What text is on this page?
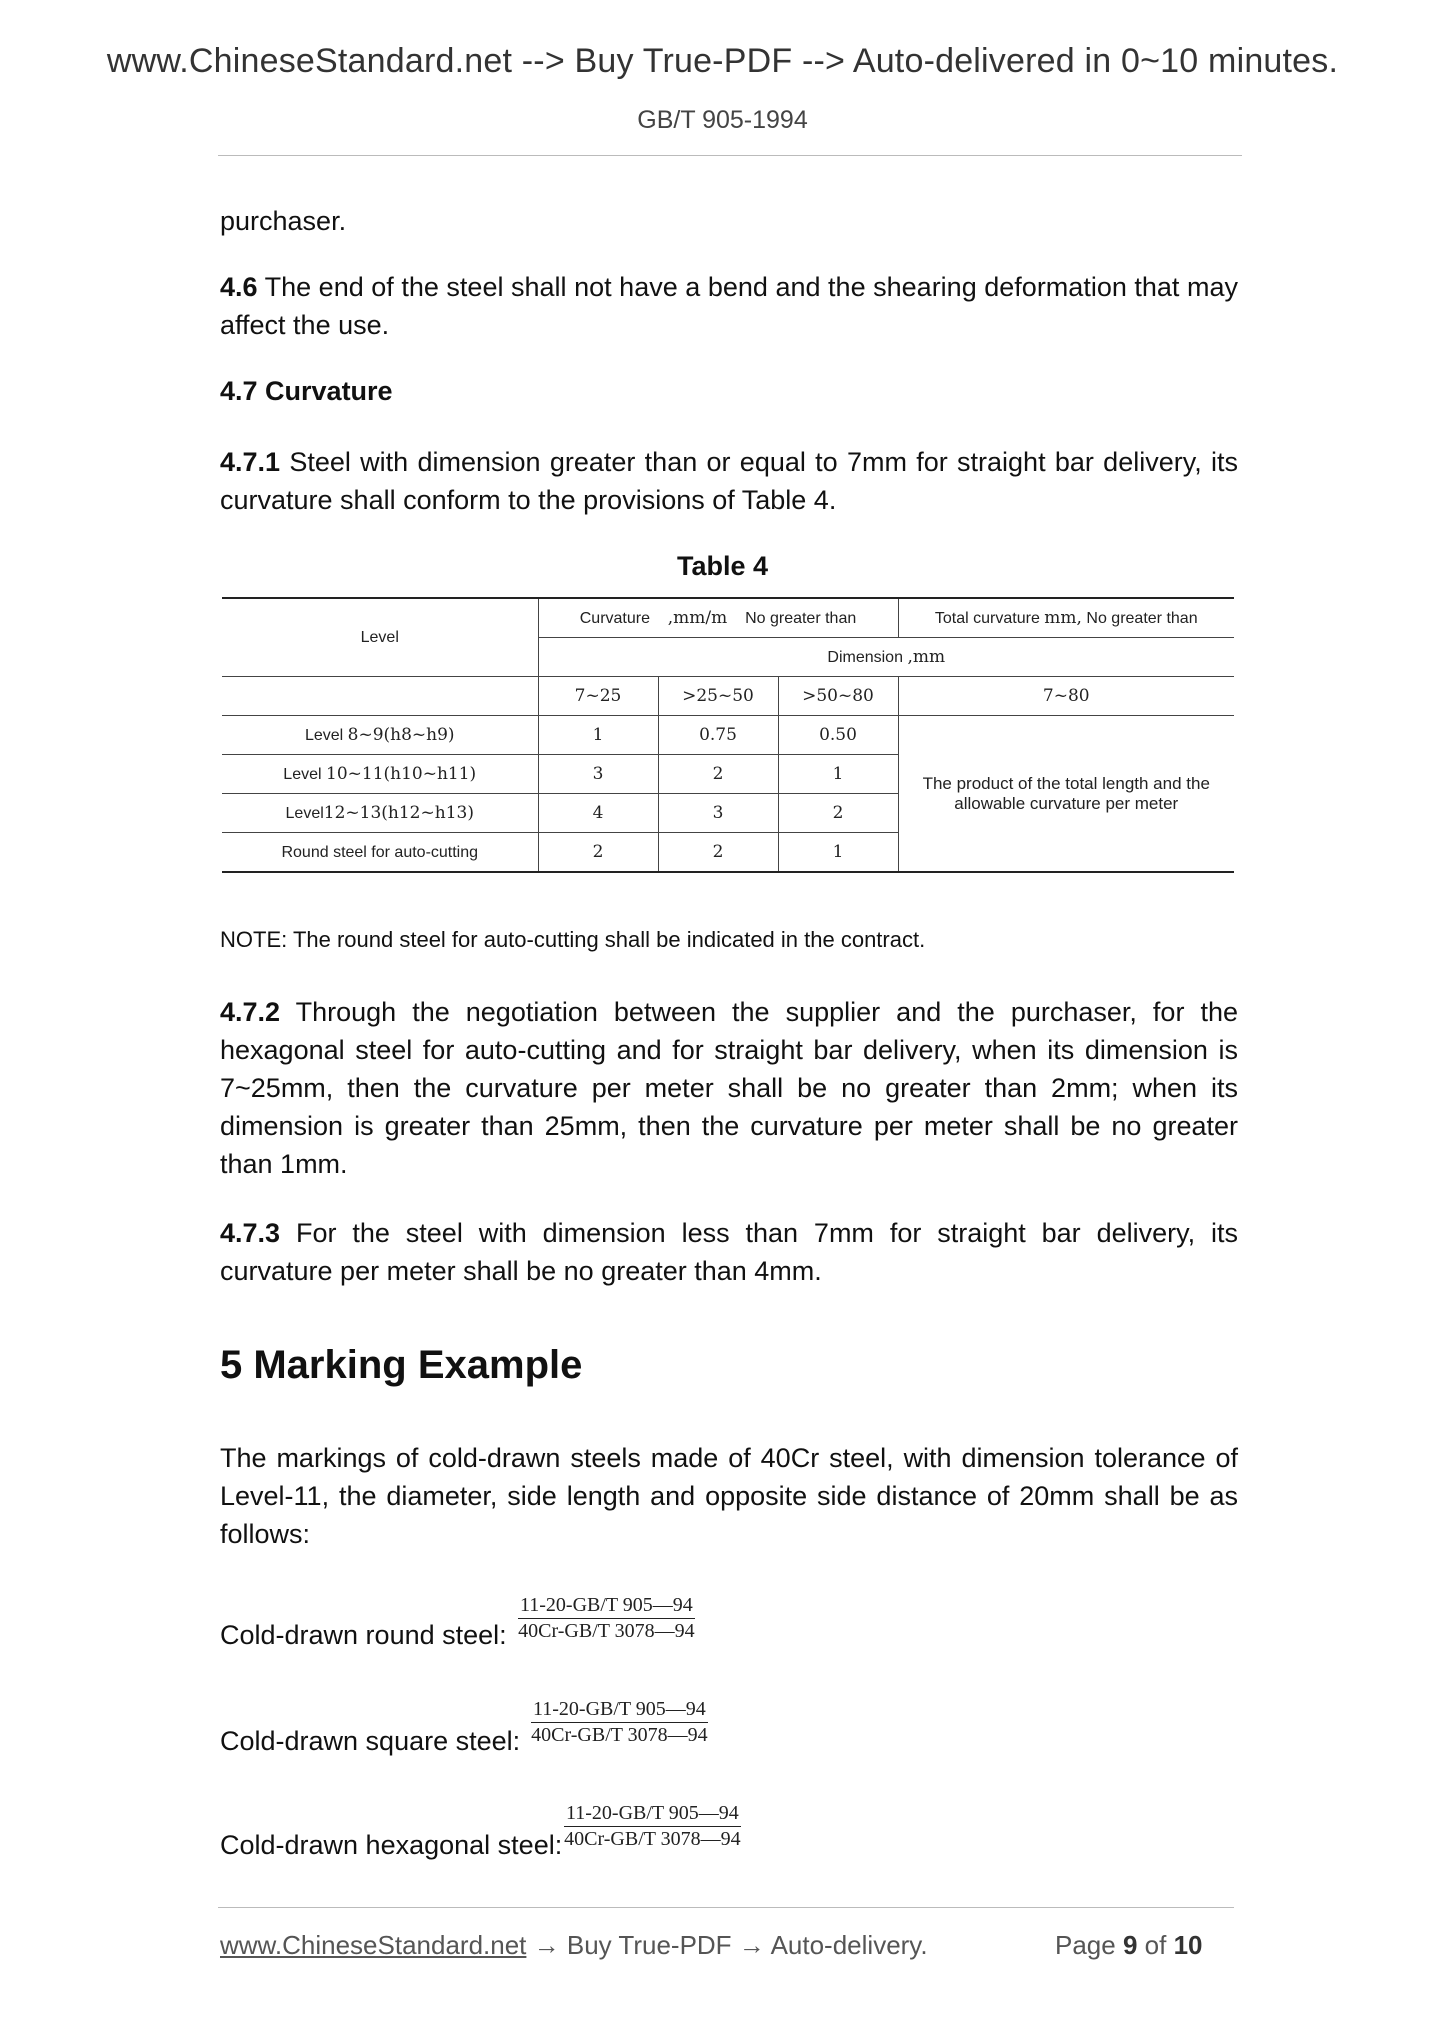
www.ChineseStandard.net --> Buy True-PDF --> Auto-delivered in 0~10 minutes.
GB/T 905-1994
purchaser.
4.6 The end of the steel shall not have a bend and the shearing deformation that may affect the use.
4.7 Curvature
4.7.1 Steel with dimension greater than or equal to 7mm for straight bar delivery, its curvature shall conform to the provisions of Table 4.
Table 4
Level	Curvature ,mm/m No greater than			Total curvature mm, No greater than
	Dimension ,mm			
	7~25	>25~50	>50~80	7~80
Level 8~9(h8~h9)	1	0.75	0.50	The product of the total length and the allowable curvature per meter
Level 10~11(h10~h11)	3	2	1	
Level12~13(h12~h13)	4	3	2	
Round steel for auto-cutting	2	2	1	
NOTE: The round steel for auto-cutting shall be indicated in the contract.
4.7.2 Through the negotiation between the supplier and the purchaser, for the hexagonal steel for auto-cutting and for straight bar delivery, when its dimension is 7~25mm, then the curvature per meter shall be no greater than 2mm; when its dimension is greater than 25mm, then the curvature per meter shall be no greater than 1mm.
4.7.3 For the steel with dimension less than 7mm for straight bar delivery, its curvature per meter shall be no greater than 4mm.
5 Marking Example
The markings of cold-drawn steels made of 40Cr steel, with dimension tolerance of Level-11, the diameter, side length and opposite side distance of 20mm shall be as follows:
Cold-drawn round steel: $\frac{11-20-GB/T 905—94}{40Cr-GB/T 3078—94}$
Cold-drawn square steel: $\frac{11-20-GB/T 905—94}{40Cr-GB/T 3078—94}$
Cold-drawn hexagonal steel: $\frac{11-20-GB/T 905—94}{40Cr-GB/T 3078—94}$
www.ChineseStandard.net → Buy True-PDF → Auto-delivery.	Page 9 of 10
